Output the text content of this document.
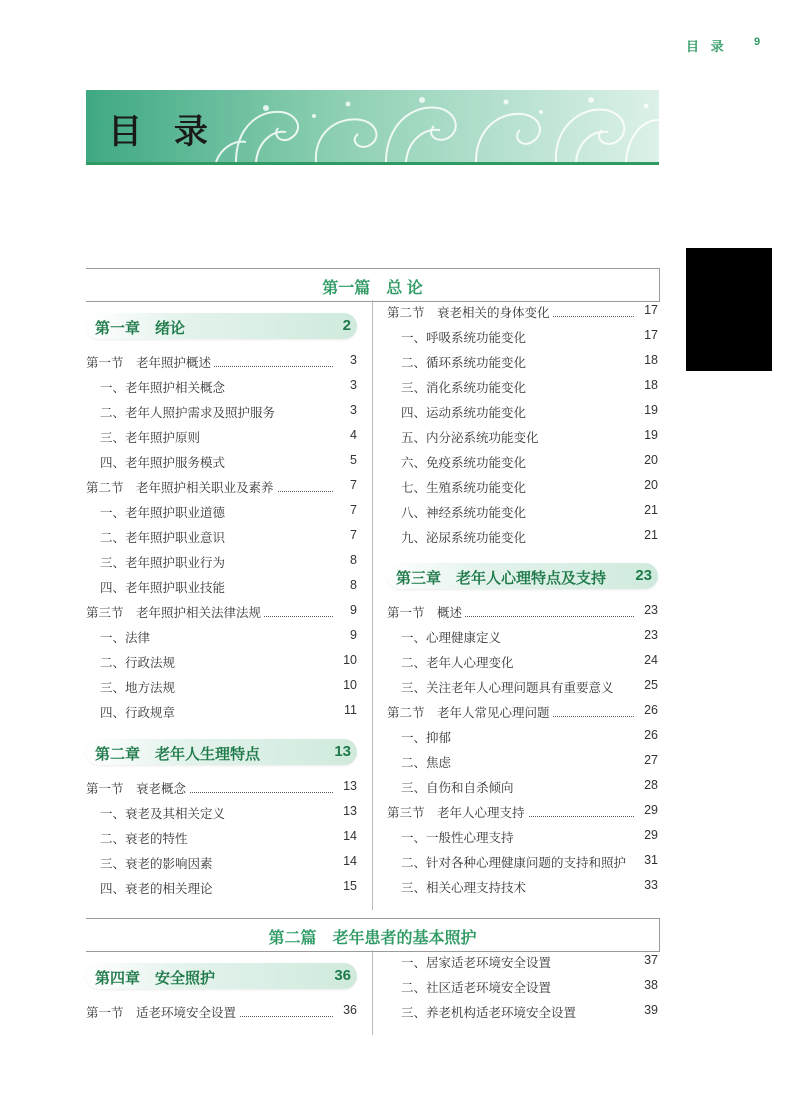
目 录 9
目 录
第一篇　总 论
第一章　绪论	2
第二章　老年人生理特点	13
第三章　老年人心理特点及支持 23
第一节　老年照护概述	3
一、老年照护相关概念	3
二、老年人照护需求及照护服务	3
三、老年照护原则	4
四、老年照护服务模式	5
第二节　老年照护相关职业及素养	7
一、老年照护职业道德	7
二、老年照护职业意识	7
三、老年照护职业行为	8
四、老年照护职业技能	8
第三节　老年照护相关法律法规	9
一、法律	9
二、行政法规	10
三、地方法规	10
四、行政规章	11
第一节　衰老概念	13
一、衰老及其相关定义	13
二、衰老的特性	14
三、衰老的影响因素	14
四、衰老的相关理论	15
第二节　衰老相关的身体变化	17
一、呼吸系统功能变化	17
二、循环系统功能变化	18
三、消化系统功能变化	18
四、运动系统功能变化	19
五、内分泌系统功能变化	19
六、免疫系统功能变化	20
七、生殖系统功能变化	20
八、神经系统功能变化	21
九、泌尿系统功能变化	21
第一节　概述	23
一、心理健康定义	23
二、老年人心理变化	24
三、关注老年人心理问题具有重要意义	25
第二节　老年人常见心理问题	26
一、抑郁	26
二、焦虑	27
三、自伤和自杀倾向	28
第三节　老年人心理支持	29
一、一般性心理支持	29
二、针对各种心理健康问题的支持和照护	31
三、相关心理支持技术	33
第二篇　老年患者的基本照护
第四章　安全照护	36
第一节　适老环境安全设置	36
一、居家适老环境安全设置	37
二、社区适老环境安全设置	38
三、养老机构适老环境安全设置	39
